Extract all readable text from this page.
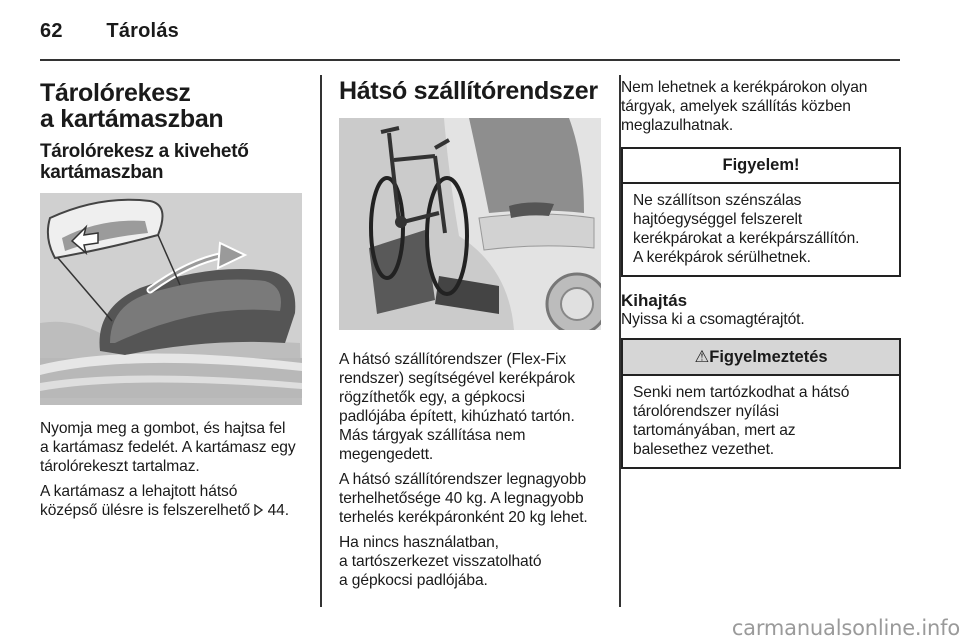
62 Tárolás
Tárolórekesz
a kartámaszban
Tárolórekesz a kivehető
kartámaszban

Nyomja meg a gombot, és hajtsa fel
a kartámasz fedelét. A kartámasz egy
tárolórekeszt tartalmaz.

A kartámasz a lehajtott hátsó
középső ülésre is felszerelhető 44.

Hátsó szállítórendszer

A hátsó szállítórendszer (Flex-Fix
rendszer) segítségével kerékpárok
rögzíthetők egy, a gépkocsi
padlójába épített, kihúzható tartón.
Más tárgyak szállítása nem
megengedett.

A hátsó szállítórendszer legnagyobb
terhelhetősége 40 kg. A legnagyobb
terhelés kerékpáronként 20 kg lehet.

Ha nincs használatban,
a tartószerkezet visszatolható
a gépkocsi padlójába.

Nem lehetnek a kerékpárokon olyan
tárgyak, amelyek szállítás közben
meglazulhatnak.

Figyelem!

Ne szállítson szénszálas
hajtóegységgel felszerelt
kerékpárokat a kerékpárszállítón.
A kerékpárok sérülhetnek.

Kihajtás

Nyissa ki a csomagtérajtót.

⚠Figyelmeztetés

Senki nem tartózkodhat a hátsó
tárolórendszer nyílási
tartományában, mert az
balesethez vezethet.

carmanualsonline.info
